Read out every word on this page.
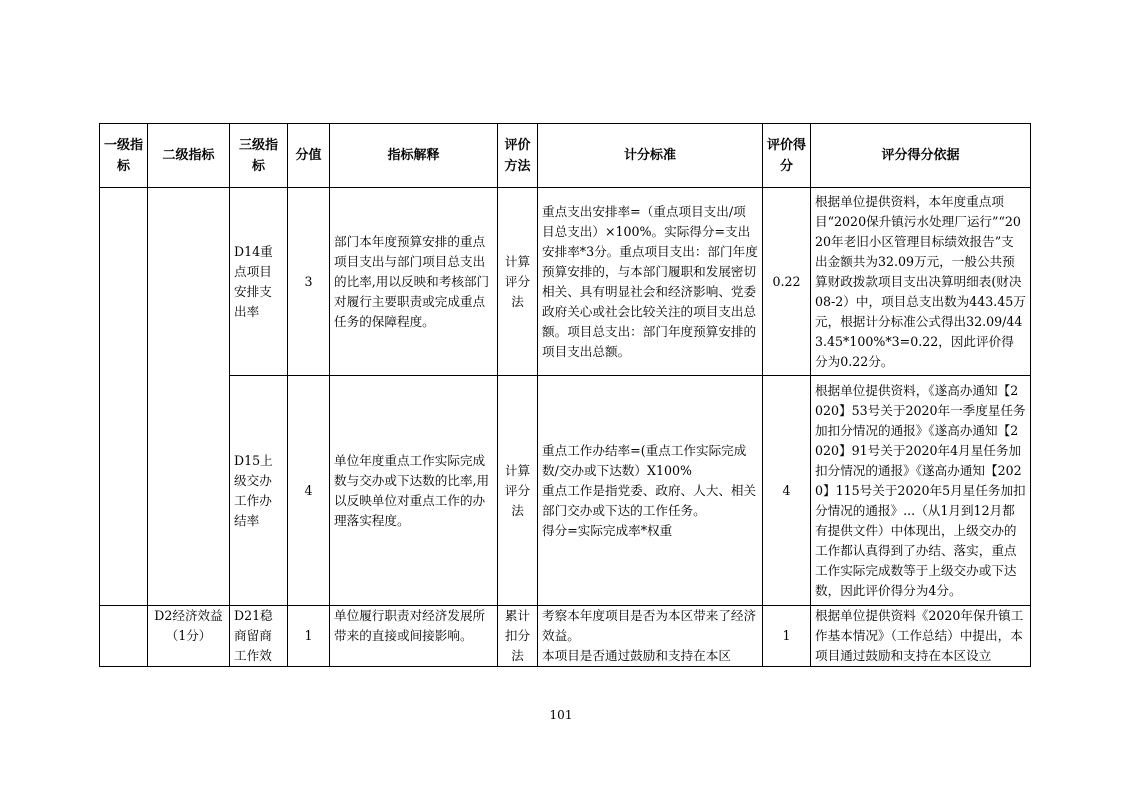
一级指标	二级指标	三级指标	分值	指标解释	评价方法	计分标准	评价得分	评分得分依据
		D14重点项目安排支出率	3	部门本年度预算安排的重点项目支出与部门项目总支出的比率,用以反映和考核部门对履行主要职责或完成重点任务的保障程度。	计算评分法	重点支出安排率=（重点项目支出/项目总支出）×100%。实际得分=支出安排率*3分。重点项目支出：部门年度预算安排的，与本部门履职和发展密切相关、具有明显社会和经济影响、党委政府关心或社会比较关注的项目支出总额。项目总支出：部门年度预算安排的项目支出总额。	0.22	根据单位提供资料，本年度重点项目“2020保升镇污水处理厂运行”“2020年老旧小区管理目标绩效报告”支出金额共为32.09万元，一般公共预算财政拨款项目支出决算明细表(财决08-2）中，项目总支出数为443.45万元，根据计分标准公式得出32.09/443.45*100%*3=0.22，因此评价得分为0.22分。
		D15上级交办工作办结率	4	单位年度重点工作实际完成数与交办或下达数的比率,用以反映单位对重点工作的办理落实程度。	计算评分法	重点工作办结率=(重点工作实际完成数/交办或下达数）X100%
重点工作是指党委、政府、人大、相关部门交办或下达的工作任务。
得分=实际完成率*权重	4	根据单位提供资料，《遂高办通知【2020】53号关于2020年一季度星任务加扣分情况的通报》《遂高办通知【2020】91号关于2020年4月星任务加扣分情况的通报》《遂高办通知【2020】115号关于2020年5月星任务加扣分情况的通报》...（从1月到12月都有提供文件）中体现出，上级交办的工作都认真得到了办结、落实，重点工作实际完成数等于上级交办或下达数，因此评价得分为4分。
	D2经济效益（1分）	D21稳商留商工作效	1	单位履行职责对经济发展所带来的直接或间接影响。	累计扣分法	考察本年度项目是否为本区带来了经济效益。
本项目是否通过鼓励和支持在本区	1	根据单位提供资料《2020年保升镇工作基本情况》（工作总结）中提出，本项目通过鼓励和支持在本区设立
101
